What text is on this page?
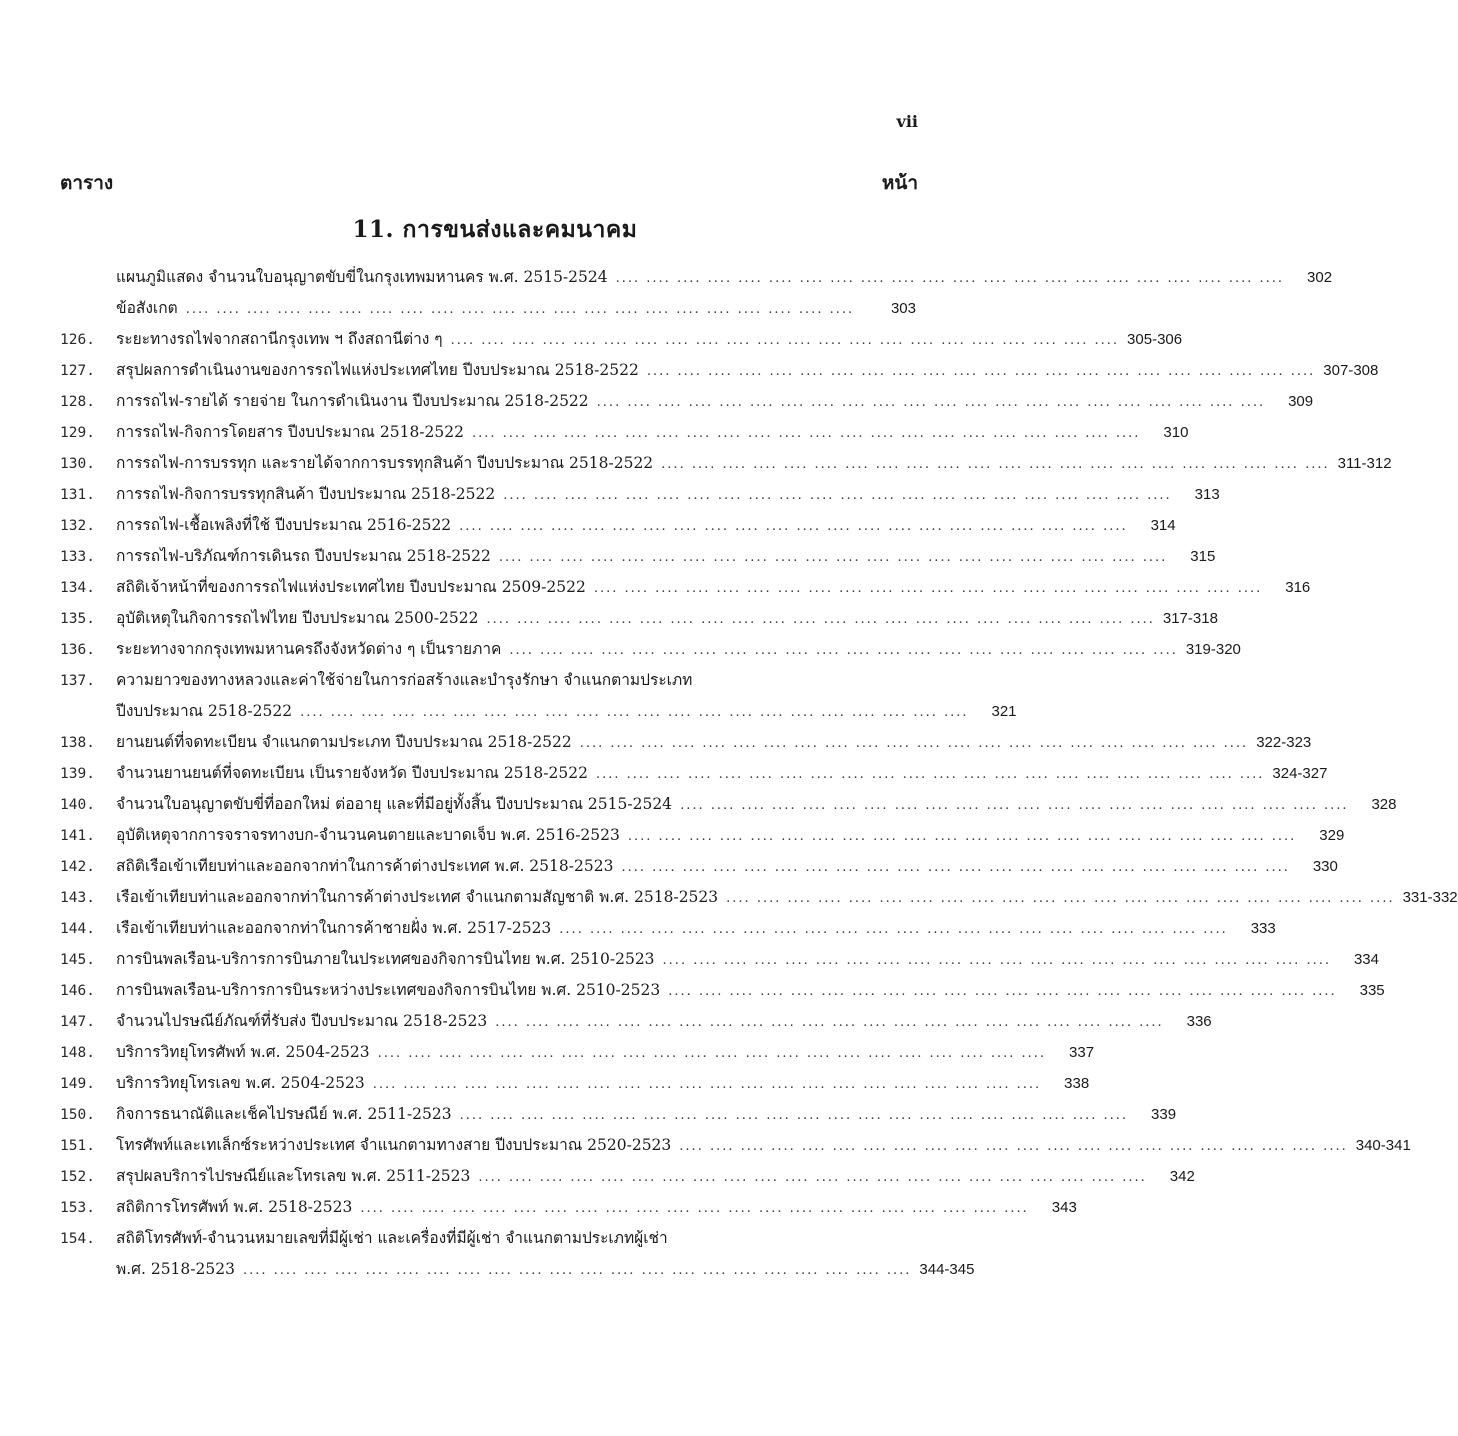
vii
ตาราง	หน้า
11. การขนส่งและคมนาคม
แผนภูมิแสดง จำนวนใบอนุญาตขับขี่ในกรุงเทพมหานคร พ.ศ. 2515-2524 ....	302
ข้อสังเกต ....	303
126.	ระยะทางรถไฟจากสถานีกรุงเทพ ฯ ถึงสถานีต่าง ๆ ....	305-306
127.	สรุปผลการดำเนินงานของการรถไฟแห่งประเทศไทย ปีงบประมาณ 2518-2522 ....	307-308
128.	การรถไฟ-รายได้ รายจ่าย ในการดำเนินงาน ปีงบประมาณ 2518-2522 ....	309
129.	การรถไฟ-กิจการโดยสาร ปีงบประมาณ 2518-2522 ....	310
130.	การรถไฟ-การบรรทุก และรายได้จากการบรรทุกสินค้า ปีงบประมาณ 2518-2522 ....	311-312
131.	การรถไฟ-กิจการบรรทุกสินค้า ปีงบประมาณ 2518-2522 ....	313
132.	การรถไฟ-เชื้อเพลิงที่ใช้ ปีงบประมาณ 2516-2522 ....	314
133.	การรถไฟ-บริภัณฑ์การเดินรถ ปีงบประมาณ 2518-2522 ....	315
134.	สถิติเจ้าหน้าที่ของการรถไฟแห่งประเทศไทย ปีงบประมาณ 2509-2522 ....	316
135.	อุบัติเหตุในกิจการรถไฟไทย ปีงบประมาณ 2500-2522 ....	317-318
136.	ระยะทางจากกรุงเทพมหานครถึงจังหวัดต่าง ๆ เป็นรายภาค ....	319-320
137.	ความยาวของทางหลวงและค่าใช้จ่ายในการก่อสร้างและบำรุงรักษา จำแนกตามประเภท
ปีงบประมาณ 2518-2522 ....	321
138.	ยานยนต์ที่จดทะเบียน จำแนกตามประเภท ปีงบประมาณ 2518-2522 ....	322-323
139.	จำนวนยานยนต์ที่จดทะเบียน เป็นรายจังหวัด ปีงบประมาณ 2518-2522 ....	324-327
140.	จำนวนใบอนุญาตขับขี่ที่ออกใหม่ ต่ออายุ และที่มีอยู่ทั้งสิ้น ปีงบประมาณ 2515-2524 ....	328
141.	อุบัติเหตุจากการจราจรทางบก-จำนวนคนตายและบาดเจ็บ พ.ศ. 2516-2523 ....	329
142.	สถิติเรือเข้าเทียบท่าและออกจากท่าในการค้าต่างประเทศ พ.ศ. 2518-2523 ....	330
143.	เรือเข้าเทียบท่าและออกจากท่าในการค้าต่างประเทศ จำแนกตามสัญชาติ พ.ศ. 2518-2523 ....	331-332
144.	เรือเข้าเทียบท่าและออกจากท่าในการค้าชายฝั่ง พ.ศ. 2517-2523 ....	333
145.	การบินพลเรือน-บริการการบินภายในประเทศของกิจการบินไทย พ.ศ. 2510-2523 ....	334
146.	การบินพลเรือน-บริการการบินระหว่างประเทศของกิจการบินไทย พ.ศ. 2510-2523 ....	335
147.	จำนวนไปรษณีย์ภัณฑ์ที่รับส่ง ปีงบประมาณ 2518-2523 ....	336
148.	บริการวิทยุโทรศัพท์ พ.ศ. 2504-2523 ....	337
149.	บริการวิทยุโทรเลข พ.ศ. 2504-2523 ....	338
150.	กิจการธนาณัติและเช็คไปรษณีย์ พ.ศ. 2511-2523 ....	339
151.	โทรศัพท์และเทเล็กซ์ระหว่างประเทศ จำแนกตามทางสาย ปีงบประมาณ 2520-2523 ....	340-341
152.	สรุปผลบริการไปรษณีย์และโทรเลข พ.ศ. 2511-2523 ....	342
153.	สถิติการโทรศัพท์ พ.ศ. 2518-2523 ....	343
154.	สถิติโทรศัพท์-จำนวนหมายเลขที่มีผู้เช่า และเครื่องที่มีผู้เช่า จำแนกตามประเภทผู้เช่า
พ.ศ. 2518-2523 ....	344-345
